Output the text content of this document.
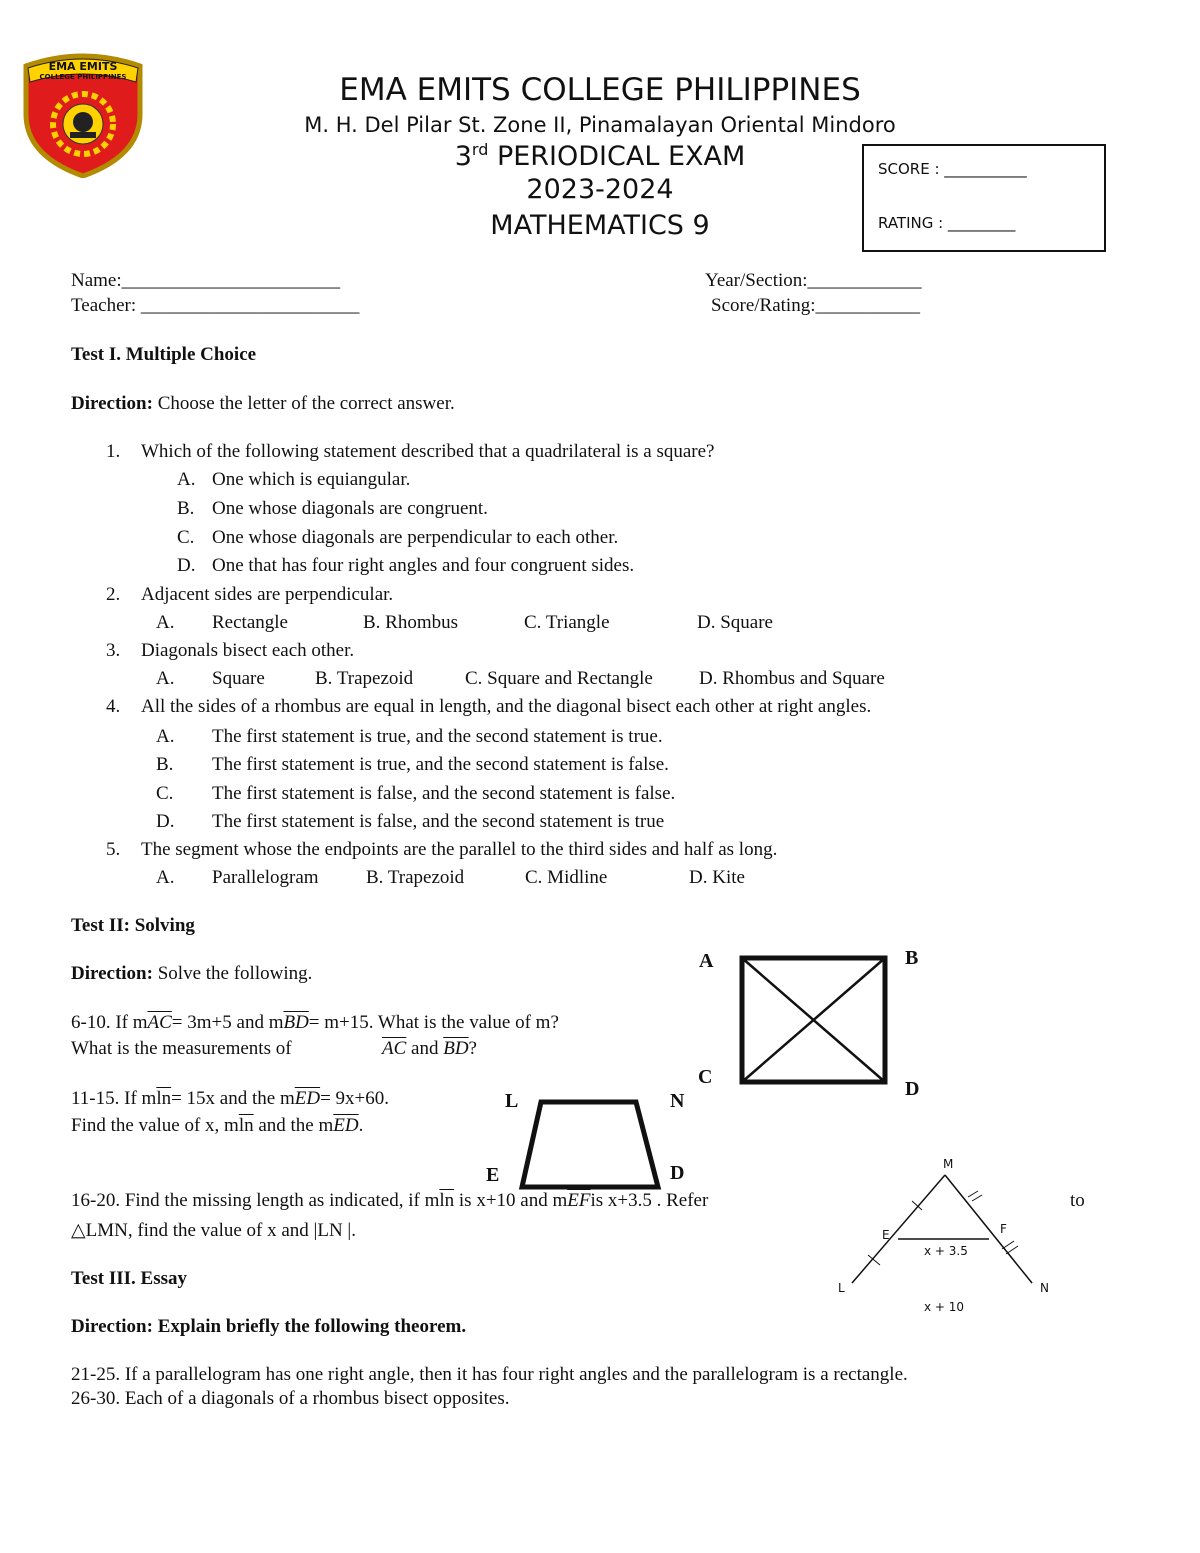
EMA EMITS
COLLEGE PHILIPPINES	EMA EMITS COLLEGE PHILIPPINES
M. H. Del Pilar St. Zone II, Pinamalayan Oriental Mindoro
3rd PERIODICAL EXAM
2023-2024
MATHEMATICS 9
SCORE : ___________
RATING : _________
Name:_______________________
Teacher: _______________________
Year/Section:____________
Score/Rating:___________
Test I. Multiple Choice
Direction: Choose the letter of the correct answer.
1. Which of the following statement described that a quadrilateral is a square?
A. One which is equiangular.
B. One whose diagonals are congruent.
C. One whose diagonals are perpendicular to each other.
D. One that has four right angles and four congruent sides.
2. Adjacent sides are perpendicular.
A. Rectangle	B. Rhombus	C. Triangle	D. Square
3. Diagonals bisect each other.
A. Square	B. Trapezoid	C. Square and Rectangle D. Rhombus and Square
4. All the sides of a rhombus are equal in length, and the diagonal bisect each other at right angles.
A. The first statement is true, and the second statement is true.
B. The first statement is true, and the second statement is false.
C. The first statement is false, and the second statement is false.
D. The first statement is false, and the second statement is true
5. The segment whose the endpoints are the parallel to the third sides and half as long.
A. Parallelogram B. Trapezoid	C. Midline	D. Kite
Test II: Solving
Direction: Solve the following.
6-10. If $m\overline{AC}= 3m+5$ and $m\overline{BD}= m+15$. What is the value of m?
What is the measurements of	$\overline{AC}$ and $\overline{BD}$?
11-15. If $m\overline{ln}= 15x$ and the $m\overline{ED}= 9x+60$.
Find the value of x, $m\overline{ln}$ and the $m\overline{ED}$.
16-20. Find the missing length as indicated, if $m\overline{ln}$ is x+10 and $m\overline{EF}is$ x+3.5 . Refer	to
△LMN, find the value of x and |LN |.
A	B
C
D
L	N
E	D	M
E	F
L	N
x + 3.5
x + 10
Test III. Essay
Direction: Explain briefly the following theorem.
21-25. If a parallelogram has one right angle, then it has four right angles and the parallelogram is a rectangle.
26-30. Each of a diagonals of a rhombus bisect opposites.
